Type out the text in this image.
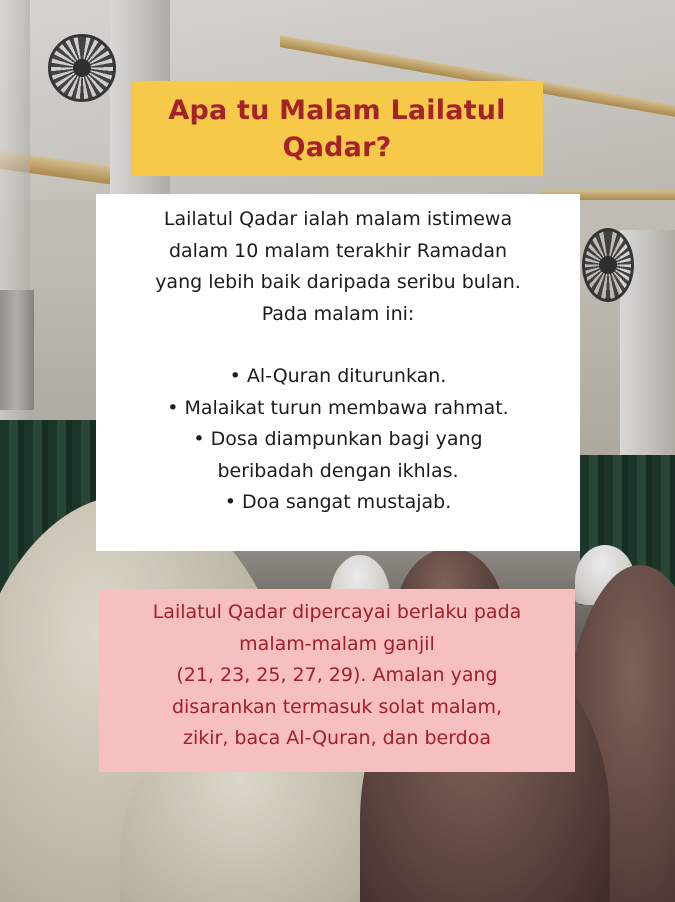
Apa tu Malam Lailatul Qadar?

Lailatul Qadar ialah malam istimewa

dalam 10 malam terakhir Ramadan

yang lebih baik daripada seribu bulan.

Pada malam ini:

• Al-Quran diturunkan.
• Malaikat turun membawa rahmat.
• Dosa diampunkan bagi yang
beribadah dengan ikhlas.
• Doa sangat mustajab.

Lailatul Qadar dipercayai berlaku pada

malam-malam ganjil

(21, 23, 25, 27, 29). Amalan yang

disarankan termasuk solat malam,

zikir, baca Al-Quran, dan berdoa
